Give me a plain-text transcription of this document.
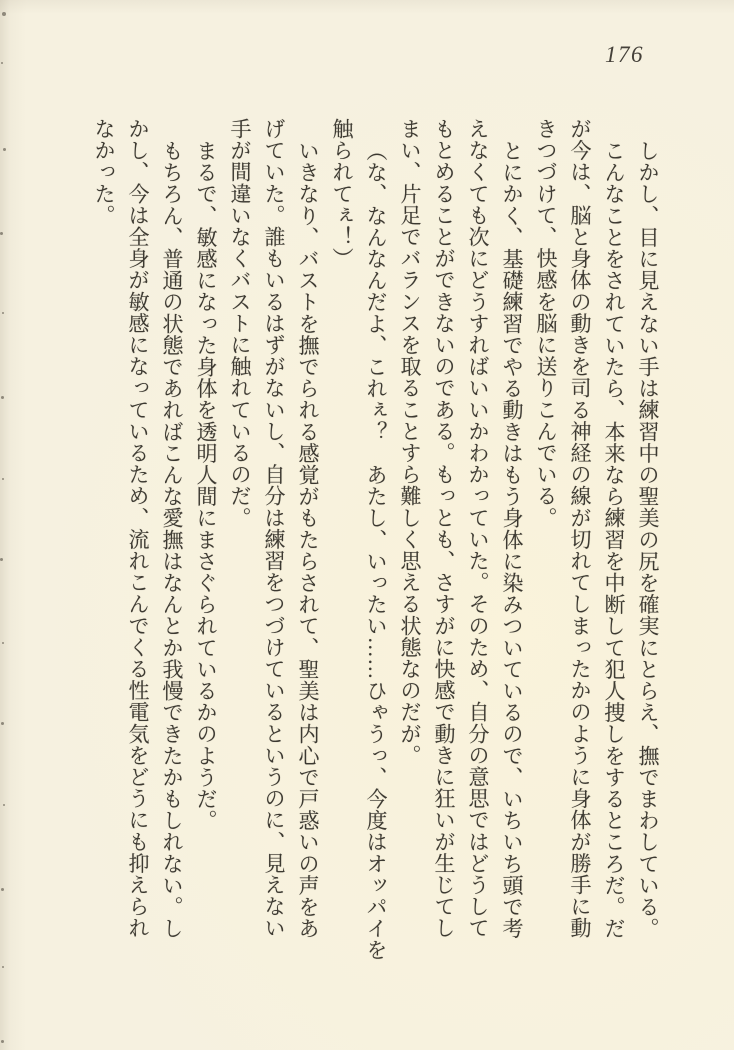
176
しかし、目に見えない手は練習中の聖美の尻を確実にとらえ、撫でまわしている。
こんなことをされていたら、本来なら練習を中断して犯人捜しをするところだ。だ
が今は、脳と身体の動きを司る神経の線が切れてしまったかのように身体が勝手に動
きつづけて、快感を脳に送りこんでいる。
とにかく、基礎練習でやる動きはもう身体に染みついているので、いちいち頭で考
えなくても次にどうすればいいかわかっていた。そのため、自分の意思ではどうして
もとめることができないのである。もっとも、さすがに快感で動きに狂いが生じてし
まい、片足でバランスを取ることすら難しく思える状態なのだが。
（な、なんなんだよ、これぇ？　あたし、いったい……ひゃうっ、今度はオッパイを
触られてぇ！）
いきなり、バストを撫でられる感覚がもたらされて、聖美は内心で戸惑いの声をあ
げていた。誰もいるはずがないし、自分は練習をつづけているというのに、見えない
手が間違いなくバストに触れているのだ。
まるで、敏感になった身体を透明人間にまさぐられているかのようだ。
もちろん、普通の状態であればこんな愛撫はなんとか我慢できたかもしれない。し
かし、今は全身が敏感になっているため、流れこんでくる性電気をどうにも抑えられ
なかった。
